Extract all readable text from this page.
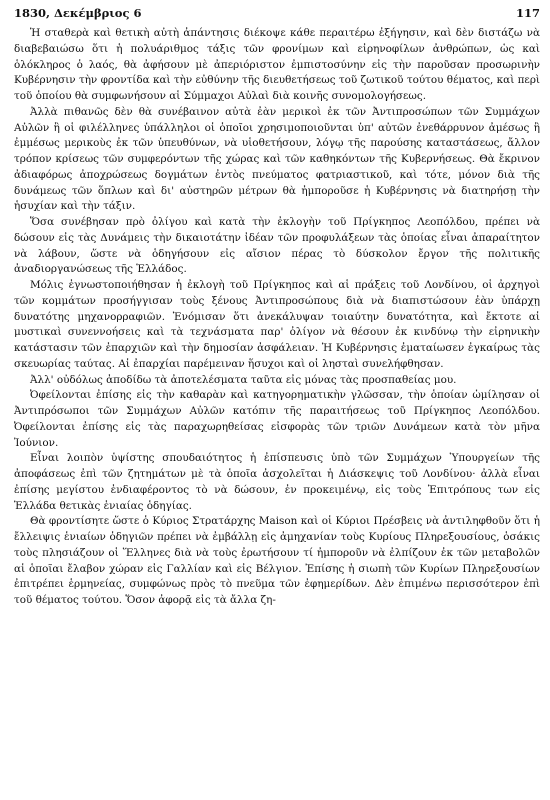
1830, Δεκέμβριος 6	117

Ἡ σταθερὰ καὶ θετικὴ αὐτὴ ἀπάντησις διέκοψε κάθε περαιτέρω ἐξήγησιν, καὶ δὲν διστάζω νὰ διαβεβαιώσω ὅτι ἡ πολυάριθμος τάξις τῶν φρονίμων καὶ εἰρηνοφίλων ἀνθρώπων, ὡς καὶ ὁλόκληρος ὁ λαός, θὰ ἀφήσουν μὲ ἀπεριόριστον ἐμπιστοσύνην εἰς τὴν παροῦσαν προσωρινὴν Κυβέρνησιν τὴν φροντίδα καὶ τὴν εὐθύνην τῆς διευθετήσεως τοῦ ζωτικοῦ τούτου θέματος, καὶ περὶ τοῦ ὁποίου θὰ συμφωνήσουν αἱ Σύμμαχοι Αὐλαὶ διὰ κοινῆς συνομολογήσεως.

Ἀλλὰ πιθανῶς δὲν θὰ συνέβαινον αὐτὰ ἐὰν μερικοὶ ἐκ τῶν Ἀντιπροσώπων τῶν Συμμάχων Αὐλῶν ἢ οἱ φιλέλληνες ὑπάλληλοι οἱ ὁποῖοι χρησιμοποιοῦνται ὑπ' αὐτῶν ἐνεθάρρυνον ἀμέσως ἢ ἐμμέσως μερικοὺς ἐκ τῶν ὑπευθύνων, νὰ υἱοθετήσουν, λόγῳ τῆς παρούσης καταστάσεως, ἄλλον τρόπον κρίσεως τῶν συμφερόντων τῆς χώρας καὶ τῶν καθηκόντων τῆς Κυβερνήσεως. Θὰ ἔκρινον ἀδιαφόρως ἀποχρώσεως δογμάτων ἐντὸς πνεύματος φατριαστικοῦ, καὶ τότε, μόνον διὰ τῆς δυνάμεως τῶν ὅπλων καὶ δι' αὐστηρῶν μέτρων θὰ ἠμποροῦσε ἡ Κυβέρνησις νὰ διατηρήσῃ τὴν ἡσυχίαν καὶ τὴν τάξιν.

Ὅσα συνέβησαν πρὸ ὀλίγου καὶ κατὰ τὴν ἐκλογὴν τοῦ Πρίγκηπος Λεοπόλδου, πρέπει νὰ δώσουν εἰς τὰς Δυνάμεις τὴν δικαιοτάτην ἰδέαν τῶν προφυλάξεων τὰς ὁποίας εἶναι ἀπαραίτητον νὰ λάβουν, ὥστε νὰ ὁδηγήσουν εἰς αἴσιον πέρας τὸ δύσκολον ἔργον τῆς πολιτικῆς ἀναδιοργανώσεως τῆς Ἑλλάδος.

Μόλις ἐγνωστοποιήθησαν ἡ ἐκλογὴ τοῦ Πρίγκηπος καὶ αἱ πράξεις τοῦ Λονδίνου, οἱ ἀρχηγοὶ τῶν κομμάτων προσήγγισαν τοὺς ξένους Ἀντιπροσώπους διὰ νὰ διαπιστώσουν ἐὰν ὑπάρχῃ δυνατότης μηχανορραφιῶν. Ἐνόμισαν ὅτι ἀνεκάλυψαν τοιαύτην δυνατότητα, καὶ ἔκτοτε αἱ μυστικαὶ συνεννοήσεις καὶ τὰ τεχνάσματα παρ' ὀλίγον νὰ θέσουν ἐκ κινδύνῳ τὴν εἰρηνικὴν κατάστασιν τῶν ἐπαρχιῶν καὶ τὴν δημοσίαν ἀσφάλειαν. Ἡ Κυβέρνησις ἐματαίωσεν ἐγκαίρως τὰς σκευωρίας ταύτας. Αἱ ἐπαρχίαι παρέμειναν ἥσυχοι καὶ οἱ λησταὶ συνελήφθησαν.

Ἀλλ' οὐδόλως ἀποδίδω τὰ ἀποτελέσματα ταῦτα εἰς μόνας τὰς προσπαθείας μου.

Ὀφείλονται ἐπίσης εἰς τὴν καθαρὰν καὶ κατηγορηματικὴν γλῶσσαν, τὴν ὁποίαν ὡμίλησαν οἱ Ἀντιπρόσωποι τῶν Συμμάχων Αὐλῶν κατόπιν τῆς παραιτήσεως τοῦ Πρίγκηπος Λεοπόλδου. Ὀφείλονται ἐπίσης εἰς τὰς παραχωρηθείσας εἰσφορὰς τῶν τριῶν Δυνάμεων κατὰ τὸν μῆνα Ἰούνιον.

Εἶναι λοιπὸν ὑψίστης σπουδαιότητος ἡ ἐπίσπευσις ὑπὸ τῶν Συμμάχων Ὑπουργείων τῆς ἀποφάσεως ἐπὶ τῶν ζητημάτων μὲ τὰ ὁποῖα ἀσχολεῖται ἡ Διάσκεψις τοῦ Λονδίνου· ἀλλὰ εἶναι ἐπίσης μεγίστου ἐνδιαφέροντος τὸ νὰ δώσουν, ἐν προκειμένῳ, εἰς τοὺς Ἐπιτρόπους των εἰς Ἑλλάδα θετικὰς ἑνιαίας ὁδηγίας.

Θὰ φροντίσητε ὥστε ὁ Κύριος Στρατάρχης Maison καὶ οἱ Κύριοι Πρέσβεις νὰ ἀντιληφθοῦν ὅτι ἡ ἔλλειψις ἑνιαίων ὁδηγιῶν πρέπει νὰ ἐμβάλλῃ εἰς ἀμηχανίαν τοὺς Κυρίους Πληρεξουσίους, ὁσάκις τοὺς πλησιάζουν οἱ Ἕλληνες διὰ νὰ τοὺς ἐρωτήσουν τί ἠμποροῦν νὰ ἐλπίζουν ἐκ τῶν μεταβολῶν αἱ ὁποῖαι ἔλαβον χώραν εἰς Γαλλίαν καὶ εἰς Βέλγιον. Ἐπίσης ἡ σιωπὴ τῶν Κυρίων Πληρεξουσίων ἐπιτρέπει ἑρμηνείας, συμφώνως πρὸς τὸ πνεῦμα τῶν ἐφημερίδων. Δὲν ἐπιμένω περισσότερον ἐπὶ τοῦ θέματος τούτου. Ὅσον ἀφορᾷ εἰς τὰ ἄλλα ζη-
